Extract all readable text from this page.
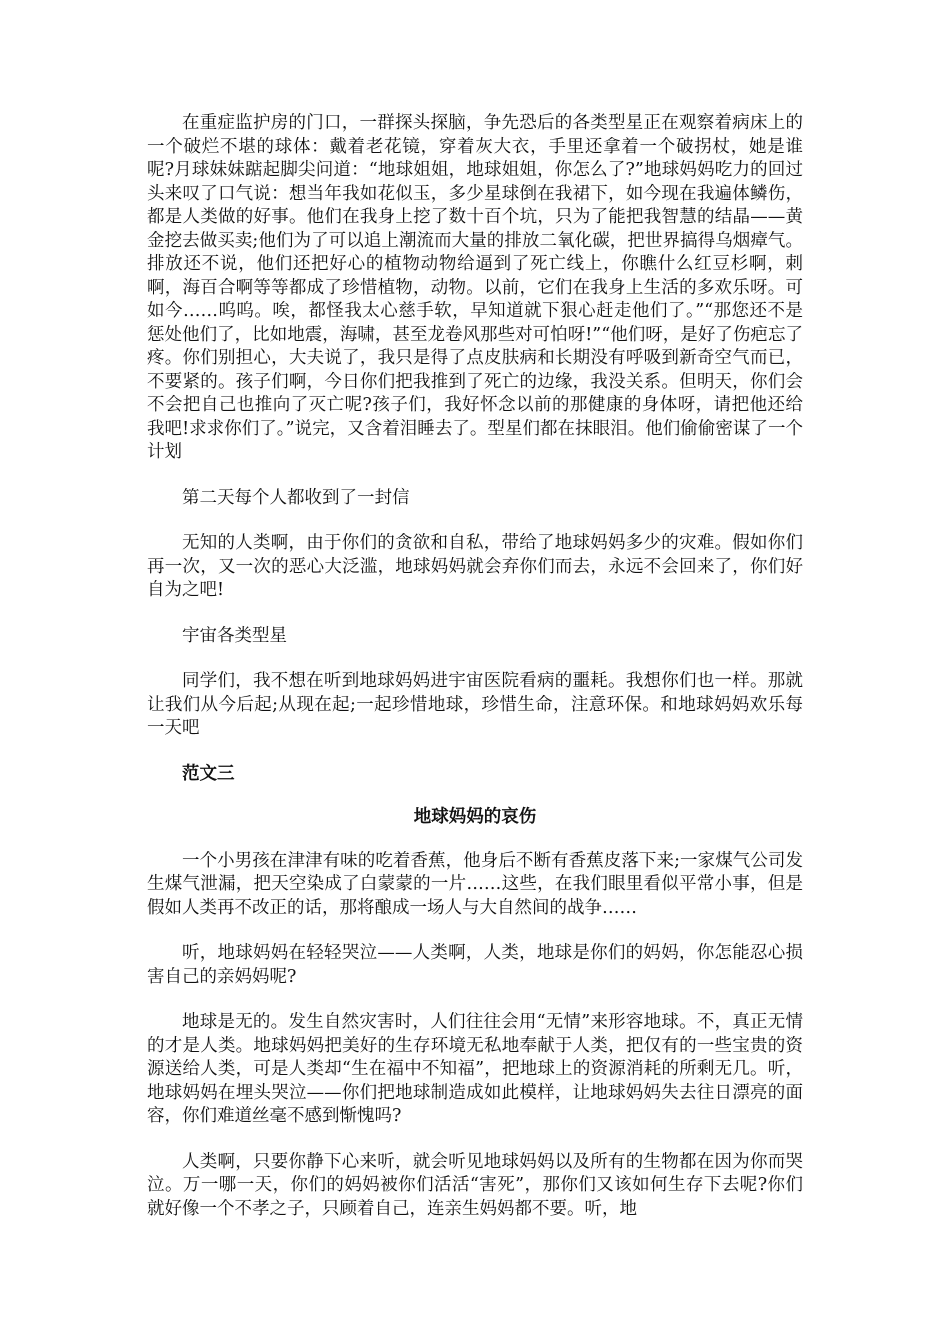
在重症监护房的门口，一群探头探脑，争先恐后的各类型星正在观察着病床上的一个破烂不堪的球体：戴着老花镜，穿着灰大衣，手里还拿着一个破拐杖，她是谁呢?月球妹妹踮起脚尖问道：“地球姐姐，地球姐姐，你怎么了?”地球妈妈吃力的回过头来叹了口气说：想当年我如花似玉，多少星球倒在我裙下，如今现在我遍体鳞伤，都是人类做的好事。他们在我身上挖了数十百个坑，只为了能把我智慧的结晶——黄金挖去做买卖;他们为了可以追上潮流而大量的排放二氧化碳，把世界搞得乌烟瘴气。排放还不说，他们还把好心的植物动物给逼到了死亡线上，你瞧什么红豆杉啊，刺啊，海百合啊等等都成了珍惜植物，动物。以前，它们在我身上生活的多欢乐呀。可如今……呜呜。唉，都怪我太心慈手软，早知道就下狠心赶走他们了。”“那您还不是惩处他们了，比如地震，海啸，甚至龙卷风那些对可怕呀!”“他们呀，是好了伤疤忘了疼。你们别担心，大夫说了，我只是得了点皮肤病和长期没有呼吸到新奇空气而已，不要紧的。孩子们啊，今日你们把我推到了死亡的边缘，我没关系。但明天，你们会不会把自己也推向了灭亡呢?孩子们，我好怀念以前的那健康的身体呀，请把他还给我吧!求求你们了。”说完，又含着泪睡去了。型星们都在抹眼泪。他们偷偷密谋了一个计划

第二天每个人都收到了一封信

无知的人类啊，由于你们的贪欲和自私，带给了地球妈妈多少的灾难。假如你们再一次，又一次的恶心大泛滥，地球妈妈就会弃你们而去，永远不会回来了，你们好自为之吧!

宇宙各类型星

同学们，我不想在听到地球妈妈进宇宙医院看病的噩耗。我想你们也一样。那就让我们从今后起;从现在起;一起珍惜地球，珍惜生命，注意环保。和地球妈妈欢乐每一天吧

范文三

地球妈妈的哀伤

一个小男孩在津津有味的吃着香蕉，他身后不断有香蕉皮落下来;一家煤气公司发生煤气泄漏，把天空染成了白蒙蒙的一片……这些，在我们眼里看似平常小事，但是假如人类再不改正的话，那将酿成一场人与大自然间的战争……

听，地球妈妈在轻轻哭泣——人类啊，人类，地球是你们的妈妈，你怎能忍心损害自己的亲妈妈呢?

地球是无的。发生自然灾害时，人们往往会用“无情”来形容地球。不，真正无情的才是人类。地球妈妈把美好的生存环境无私地奉献于人类，把仅有的一些宝贵的资源送给人类，可是人类却“生在福中不知福”，把地球上的资源消耗的所剩无几。听，地球妈妈在埋头哭泣——你们把地球制造成如此模样，让地球妈妈失去往日漂亮的面容，你们难道丝毫不感到惭愧吗?

人类啊，只要你静下心来听，就会听见地球妈妈以及所有的生物都在因为你而哭泣。万一哪一天，你们的妈妈被你们活活“害死”，那你们又该如何生存下去呢?你们就好像一个不孝之子，只顾着自己，连亲生妈妈都不要。听，地
